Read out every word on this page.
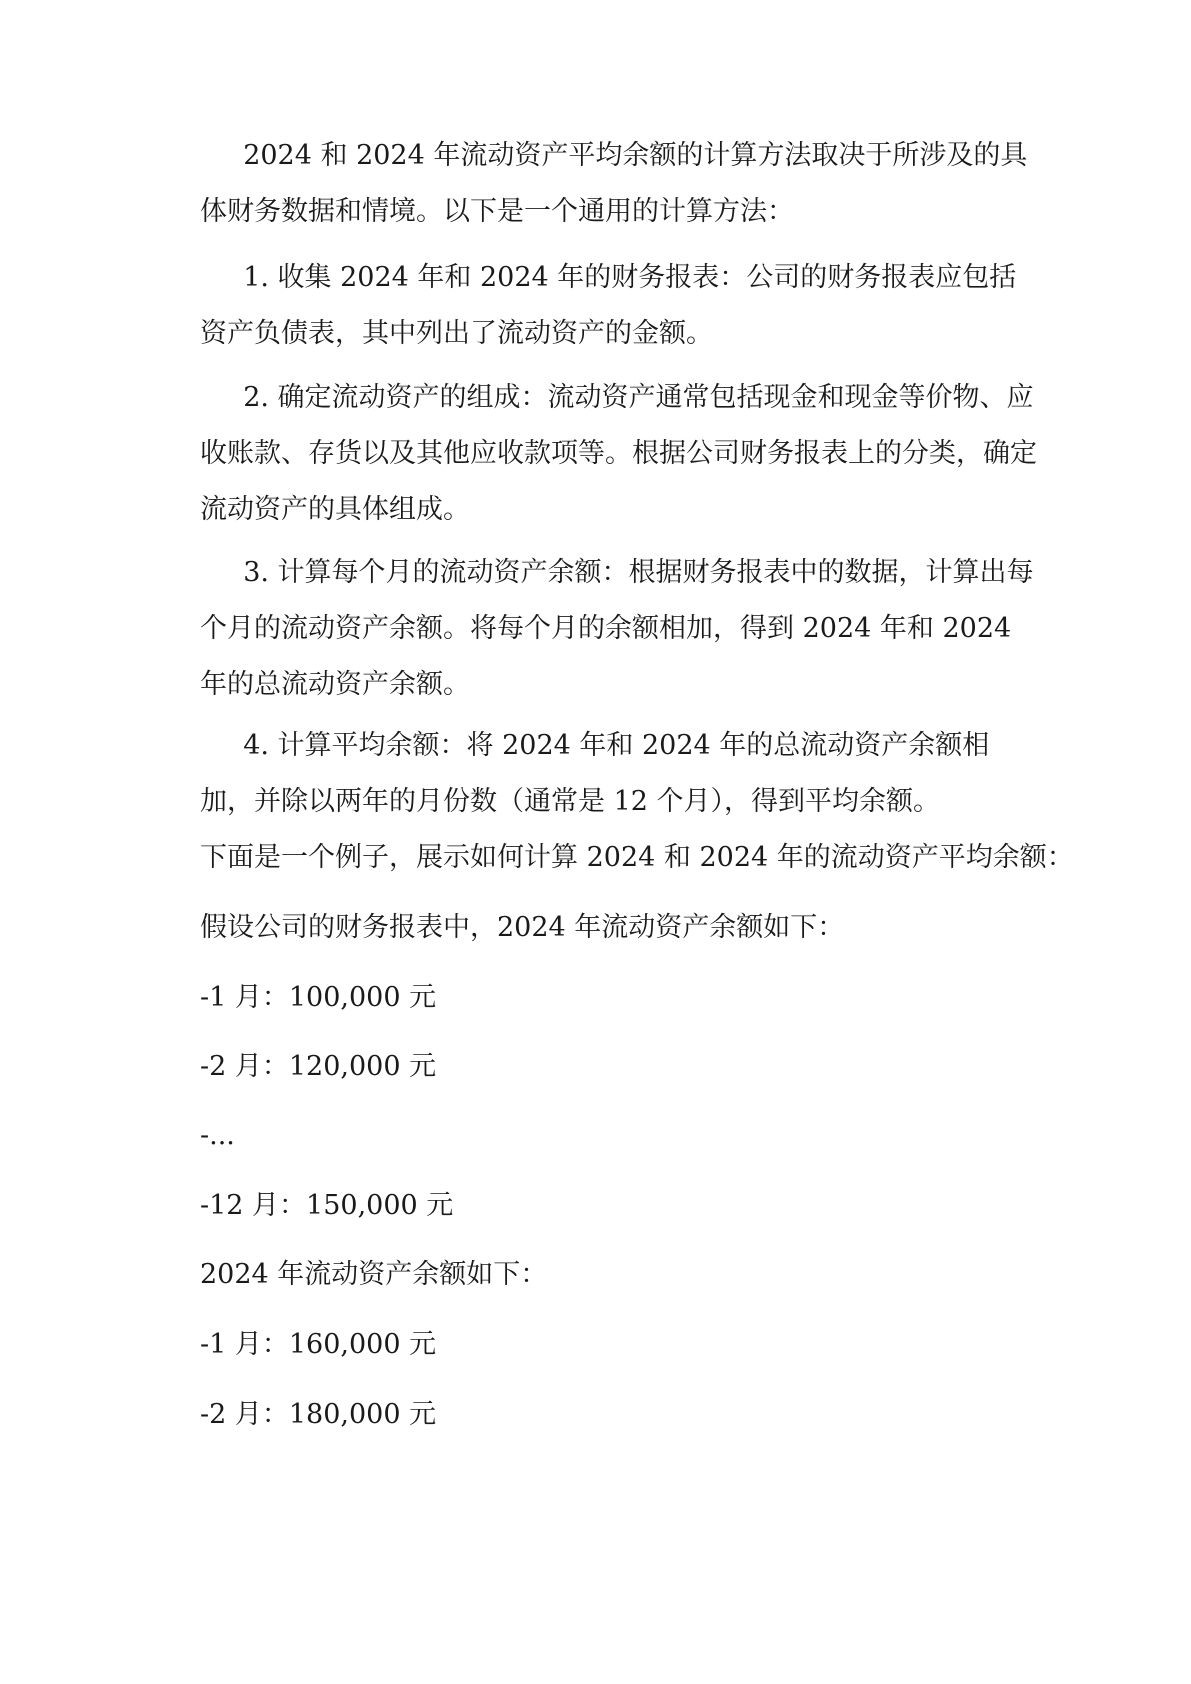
2024 和 2024 年流动资产平均余额的计算方法取决于所涉及的具体财务数据和情境。以下是一个通用的计算方法：

1. 收集 2024 年和 2024 年的财务报表：公司的财务报表应包括资产负债表，其中列出了流动资产的金额。

2. 确定流动资产的组成：流动资产通常包括现金和现金等价物、应收账款、存货以及其他应收款项等。根据公司财务报表上的分类，确定流动资产的具体组成。

3. 计算每个月的流动资产余额：根据财务报表中的数据，计算出每个月的流动资产余额。将每个月的余额相加，得到 2024 年和 2024 年的总流动资产余额。

4. 计算平均余额：将 2024 年和 2024 年的总流动资产余额相加，并除以两年的月份数（通常是 12 个月），得到平均余额。

下面是一个例子，展示如何计算 2024 和 2024 年的流动资产平均余额：

假设公司的财务报表中，2024 年流动资产余额如下：

-1 月：100,000 元

-2 月：120,000 元

-...

-12 月：150,000 元

2024 年流动资产余额如下：

-1 月：160,000 元

-2 月：180,000 元
